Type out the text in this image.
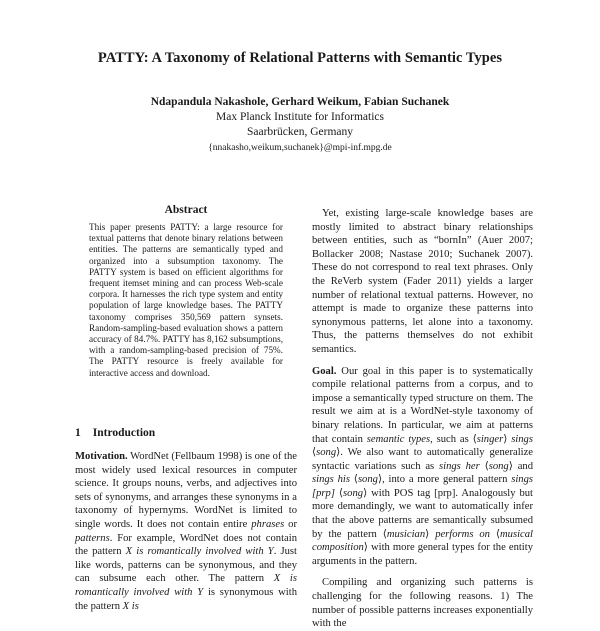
PATTY: A Taxonomy of Relational Patterns with Semantic Types
Ndapandula Nakashole, Gerhard Weikum, Fabian Suchanek
Max Planck Institute for Informatics
Saarbrücken, Germany
{nnakasho,weikum,suchanek}@mpi-inf.mpg.de
Abstract
This paper presents PATTY: a large resource for textual patterns that denote binary relations between entities. The patterns are semantically typed and organized into a subsumption taxonomy. The PATTY system is based on efficient algorithms for frequent itemset mining and can process Web-scale corpora. It harnesses the rich type system and entity population of large knowledge bases. The PATTY taxonomy comprises 350,569 pattern synsets. Random-sampling-based evaluation shows a pattern accuracy of 84.7%. PATTY has 8,162 subsumptions, with a random-sampling-based precision of 75%. The PATTY resource is freely available for interactive access and download.
1 Introduction
Motivation. WordNet (Fellbaum 1998) is one of the most widely used lexical resources in computer science. It groups nouns, verbs, and adjectives into sets of synonyms, and arranges these synonyms in a taxonomy of hypernyms. WordNet is limited to single words. It does not contain entire phrases or patterns. For example, WordNet does not contain the pattern X is romantically involved with Y. Just like words, patterns can be synonymous, and they can subsume each other. The pattern X is romantically involved with Y is synonymous with the pattern X is

Yet, existing large-scale knowledge bases are mostly limited to abstract binary relationships between entities, such as “bornIn” (Auer 2007; Bollacker 2008; Nastase 2010; Suchanek 2007). These do not correspond to real text phrases. Only the ReVerb system (Fader 2011) yields a larger number of relational textual patterns. However, no attempt is made to organize these patterns into synonymous patterns, let alone into a taxonomy. Thus, the patterns themselves do not exhibit semantics.

Goal. Our goal in this paper is to systematically compile relational patterns from a corpus, and to impose a semantically typed structure on them. The result we aim at is a WordNet-style taxonomy of binary relations. In particular, we aim at patterns that contain semantic types, such as ⟨singer⟩ sings ⟨song⟩. We also want to automatically generalize syntactic variations such as sings her ⟨song⟩ and sings his ⟨song⟩, into a more general pattern sings [prp] ⟨song⟩ with POS tag [prp]. Analogously but more demandingly, we want to automatically infer that the above patterns are semantically subsumed by the pattern ⟨musician⟩ performs on ⟨musical composition⟩ with more general types for the entity arguments in the pattern.

Compiling and organizing such patterns is challenging for the following reasons. 1) The number of possible patterns increases exponentially with the
